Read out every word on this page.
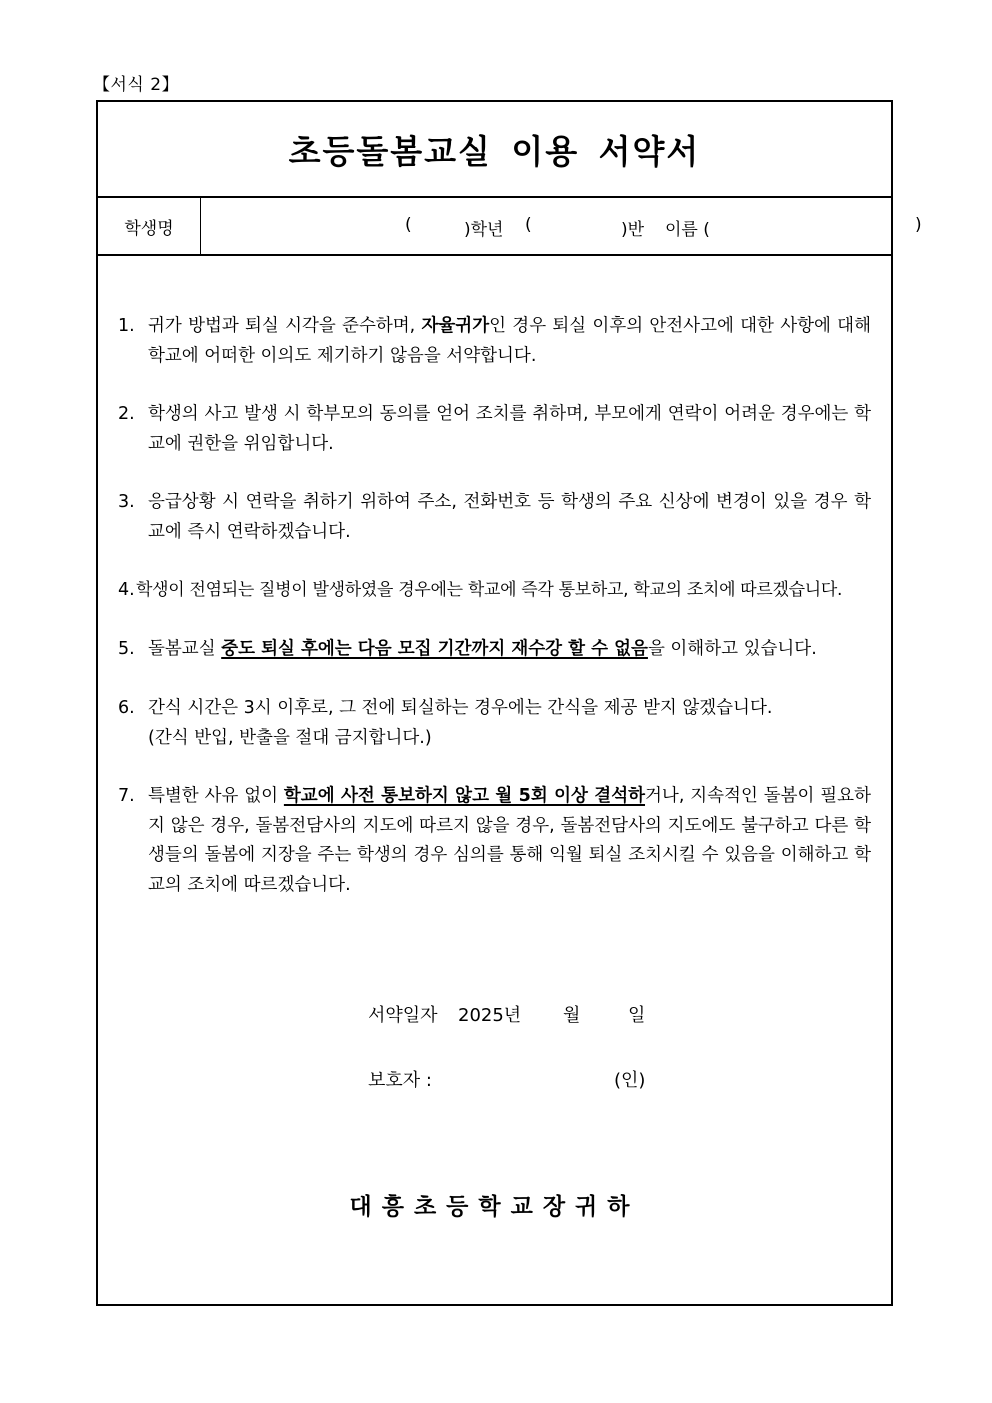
【서식 2】
초등돌봄교실 이용 서약서
학생명	(	)학년 (	)반 이름 (	)
1. 귀가 방법과 퇴실 시각을 준수하며, 자율귀가인 경우 퇴실 이후의 안전사고에 대한 사항에 대해 학교에 어떠한 이의도 제기하기 않음을 서약합니다.
2. 학생의 사고 발생 시 학부모의 동의를 얻어 조치를 취하며, 부모에게 연락이 어려운 경우에는 학교에 권한을 위임합니다.
3. 응급상황 시 연락을 취하기 위하여 주소, 전화번호 등 학생의 주요 신상에 변경이 있을 경우 학교에 즉시 연락하겠습니다.
4. 학생이 전염되는 질병이 발생하였을 경우에는 학교에 즉각 통보하고, 학교의 조치에 따르겠습니다.
5. 돌봄교실 중도 퇴실 후에는 다음 모집 기간까지 재수강 할 수 없음을 이해하고 있습니다.
6. 간식 시간은 3시 이후로, 그 전에 퇴실하는 경우에는 간식을 제공 받지 않겠습니다.
(간식 반입, 반출을 절대 금지합니다.)
7. 특별한 사유 없이 학교에 사전 통보하지 않고 월 5회 이상 결석하거나, 지속적인 돌봄이 필요하지 않은 경우, 돌봄전담사의 지도에 따르지 않을 경우, 돌봄전담사의 지도에도 불구하고 다른 학생들의 돌봄에 지장을 주는 학생의 경우 심의를 통해 익월 퇴실 조치시킬 수 있음을 이해하고 학교의 조치에 따르겠습니다.
서약일자 2025년 월	일
보호자 :	(인)
대흥초등학교장귀하
